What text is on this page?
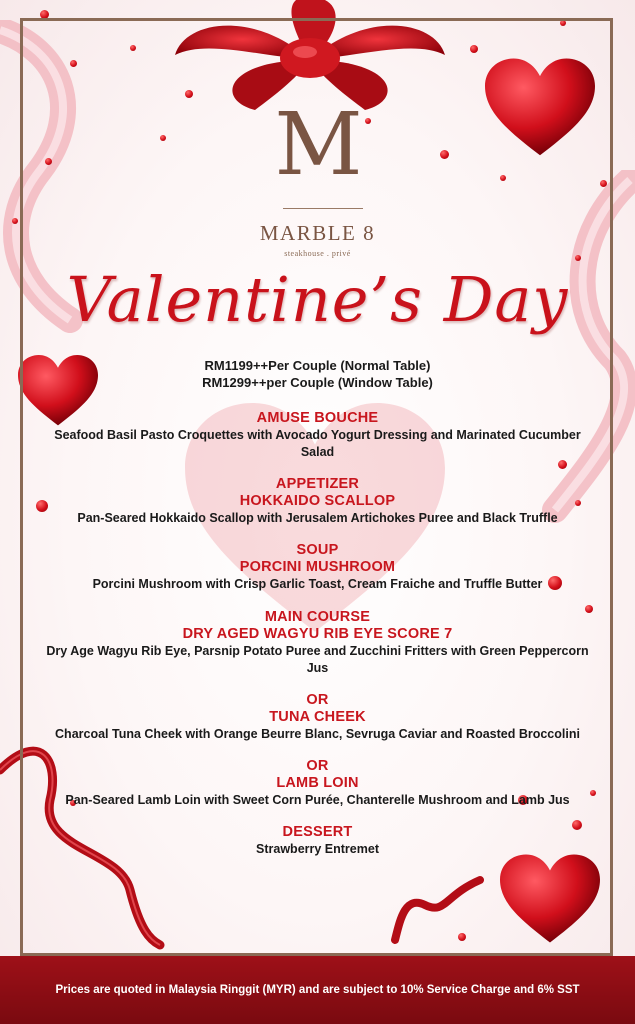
M
MARBLE 8
steakhouse . privé
Valentine’s Day
RM1199++Per Couple (Normal Table)
RM1299++per Couple (Window Table)
AMUSE BOUCHE
Seafood Basil Pasto Croquettes with Avocado Yogurt Dressing and Marinated Cucumber Salad
APPETIZER
HOKKAIDO SCALLOP
Pan-Seared Hokkaido Scallop with Jerusalem Artichokes Puree and Black Truffle
SOUP
PORCINI MUSHROOM
Porcini Mushroom with Crisp Garlic Toast, Cream Fraiche and Truffle Butter
MAIN COURSE
DRY AGED WAGYU RIB EYE SCORE 7
Dry Age Wagyu Rib Eye, Parsnip Potato Puree and Zucchini Fritters with Green Peppercorn Jus
OR
TUNA CHEEK
Charcoal Tuna Cheek with Orange Beurre Blanc, Sevruga Caviar and Roasted Broccolini
OR
LAMB LOIN
Pan-Seared Lamb Loin with Sweet Corn Purée, Chanterelle Mushroom and Lamb Jus
DESSERT
Strawberry Entremet
Prices are quoted in Malaysia Ringgit (MYR) and are subject to 10% Service Charge and 6% SST
